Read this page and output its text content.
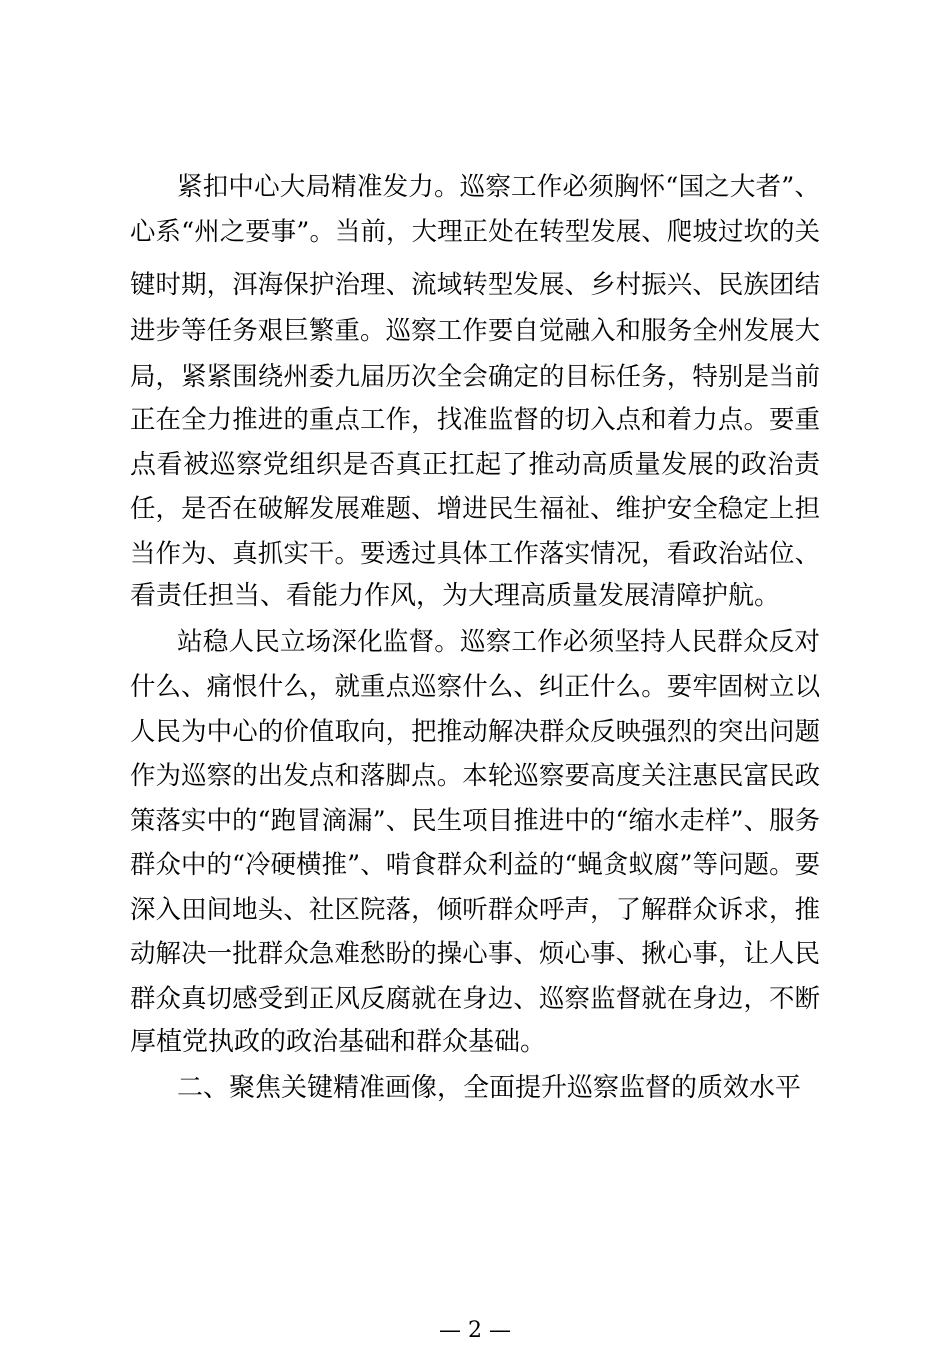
紧扣中心大局精准发力。巡察工作必须胸怀“国之大者”、
心系“州之要事”。当前，大理正处在转型发展、爬坡过坎的关
键时期，洱海保护治理、流域转型发展、乡村振兴、民族团结
进步等任务艰巨繁重。巡察工作要自觉融入和服务全州发展大
局，紧紧围绕州委九届历次全会确定的目标任务，特别是当前
正在全力推进的重点工作，找准监督的切入点和着力点。要重
点看被巡察党组织是否真正扛起了推动高质量发展的政治责
任，是否在破解发展难题、增进民生福祉、维护安全稳定上担
当作为、真抓实干。要透过具体工作落实情况，看政治站位、
看责任担当、看能力作风，为大理高质量发展清障护航。
站稳人民立场深化监督。巡察工作必须坚持人民群众反对
什么、痛恨什么，就重点巡察什么、纠正什么。要牢固树立以
人民为中心的价值取向，把推动解决群众反映强烈的突出问题
作为巡察的出发点和落脚点。本轮巡察要高度关注惠民富民政
策落实中的“跑冒滴漏”、民生项目推进中的“缩水走样”、服务
群众中的“冷硬横推”、啃食群众利益的“蝇贪蚁腐”等问题。要
深入田间地头、社区院落，倾听群众呼声，了解群众诉求，推
动解决一批群众急难愁盼的操心事、烦心事、揪心事，让人民
群众真切感受到正风反腐就在身边、巡察监督就在身边，不断
厚植党执政的政治基础和群众基础。
二、聚焦关键精准画像，全面提升巡察监督的质效水平
— 2 —
